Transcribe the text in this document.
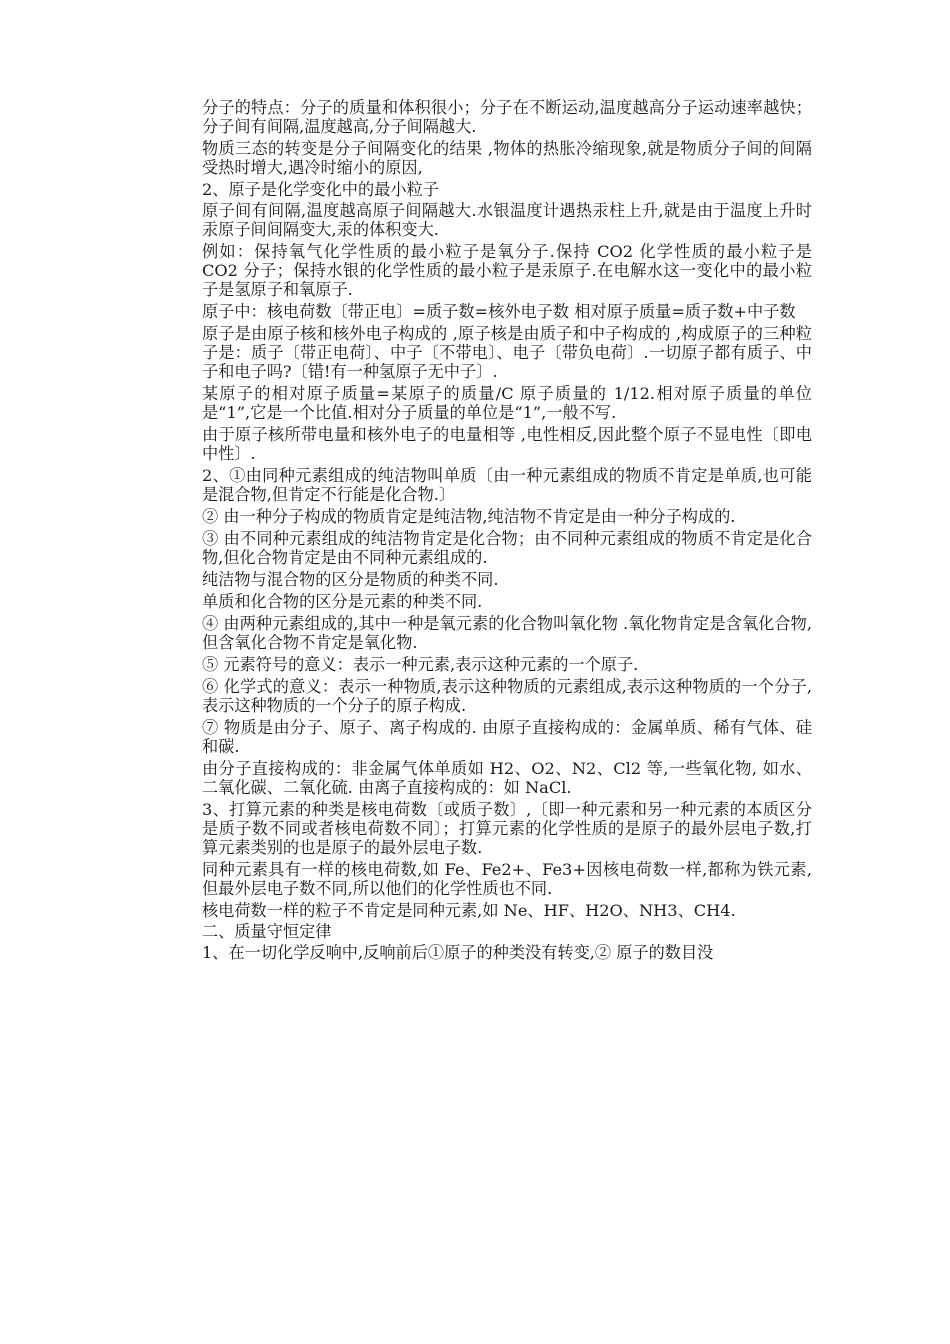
分子的特点：分子的质量和体积很小；分子在不断运动,温度越高分子运动速率越快；分子间有间隔,温度越高,分子间隔越大.

物质三态的转变是分子间隔变化的结果 ,物体的热胀冷缩现象,就是物质分子间的间隔受热时增大,遇冷时缩小的原因,

2、原子是化学变化中的最小粒子

原子间有间隔,温度越高原子间隔越大.水银温度计遇热汞柱上升,就是由于温度上升时汞原子间间隔变大,汞的体积变大.

例如：保持氧气化学性质的最小粒子是氧分子.保持 CO2 化学性质的最小粒子是 CO2 分子；保持水银的化学性质的最小粒子是汞原子.在电解水这一变化中的最小粒子是氢原子和氧原子.

原子中：核电荷数〔带正电〕=质子数=核外电子数 相对原子质量=质子数+中子数

原子是由原子核和核外电子构成的 ,原子核是由质子和中子构成的 ,构成原子的三种粒子是：质子〔带正电荷〕、中子〔不带电〕、电子〔带负电荷〕.一切原子都有质子、中子和电子吗?〔错!有一种氢原子无中子〕.

某原子的相对原子质量=某原子的质量/C 原子质量的 1/12.相对原子质量的单位是“1”,它是一个比值.相对分子质量的单位是“1”,一般不写.

由于原子核所带电量和核外电子的电量相等 ,电性相反,因此整个原子不显电性〔即电中性〕.

2、①由同种元素组成的纯洁物叫单质〔由一种元素组成的物质不肯定是单质,也可能是混合物,但肯定不行能是化合物.〕

② 由一种分子构成的物质肯定是纯洁物,纯洁物不肯定是由一种分子构成的.

③ 由不同种元素组成的纯洁物肯定是化合物；由不同种元素组成的物质不肯定是化合物,但化合物肯定是由不同种元素组成的.

纯洁物与混合物的区分是物质的种类不同.

单质和化合物的区分是元素的种类不同.

④ 由两种元素组成的,其中一种是氧元素的化合物叫氧化物 .氧化物肯定是含氧化合物,但含氧化合物不肯定是氧化物.

⑤ 元素符号的意义：表示一种元素,表示这种元素的一个原子.

⑥ 化学式的意义：表示一种物质,表示这种物质的元素组成,表示这种物质的一个分子,表示这种物质的一个分子的原子构成.

⑦ 物质是由分子、原子、离子构成的. 由原子直接构成的：金属单质、稀有气体、硅和碳.

由分子直接构成的：非金属气体单质如 H2、O2、N2、Cl2 等,一些氧化物, 如水、二氧化碳、二氧化硫. 由离子直接构成的：如 NaCl.

3、打算元素的种类是核电荷数〔或质子数〕,〔即一种元素和另一种元素的本质区分是质子数不同或者核电荷数不同〕；打算元素的化学性质的是原子的最外层电子数,打算元素类别的也是原子的最外层电子数.

同种元素具有一样的核电荷数,如 Fe、Fe2+、Fe3+因核电荷数一样,都称为铁元素,但最外层电子数不同,所以他们的化学性质也不同.

核电荷数一样的粒子不肯定是同种元素,如 Ne、HF、H2O、NH3、CH4.

二、质量守恒定律

1、在一切化学反响中,反响前后①原子的种类没有转变,② 原子的数目没
